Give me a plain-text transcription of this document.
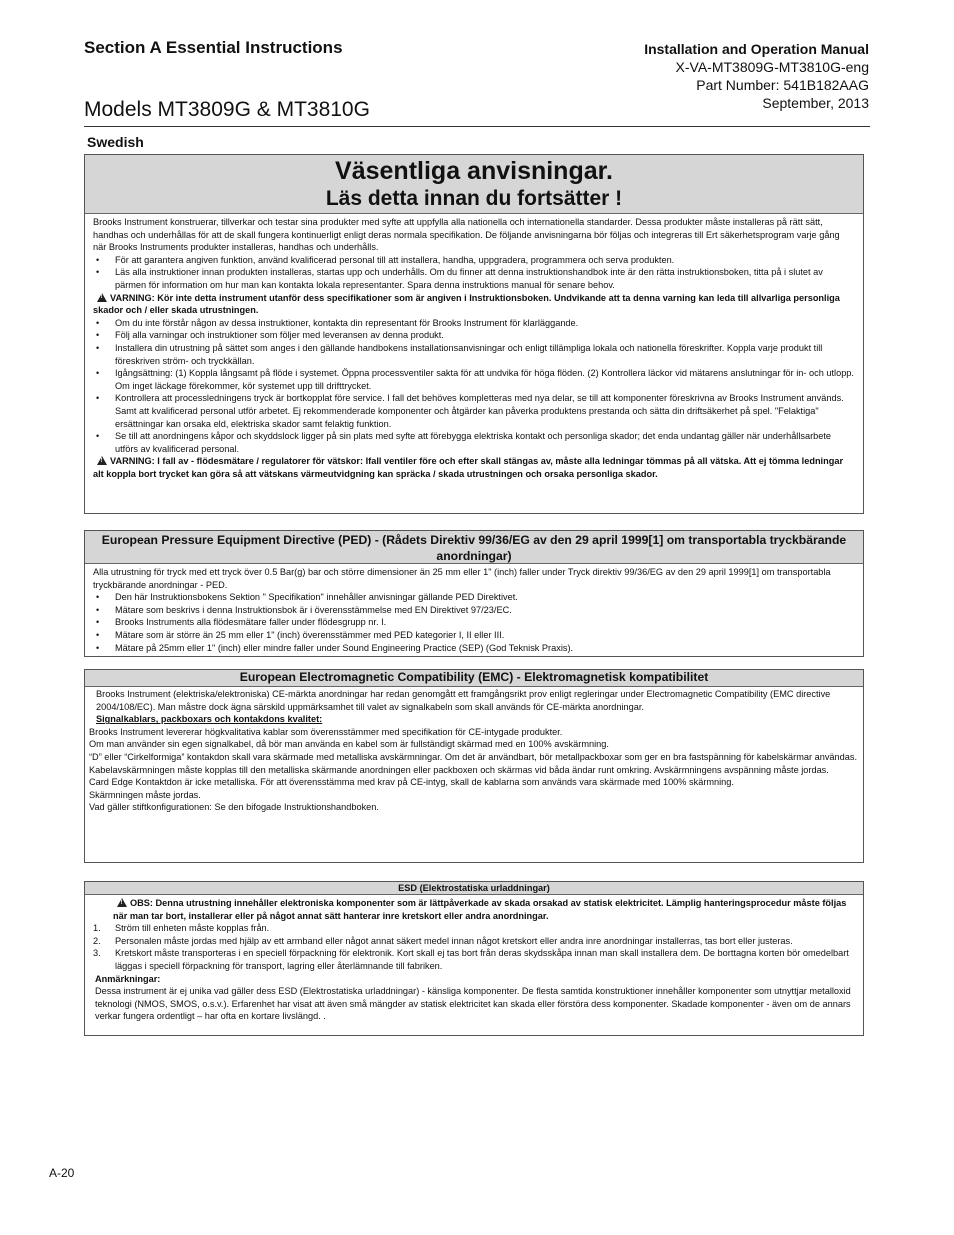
Section A Essential Instructions
Models MT3809G & MT3810G
Installation and Operation Manual
X-VA-MT3809G-MT3810G-eng
Part Number: 541B182AAG
September, 2013
Swedish
Väsentliga anvisningar.
Läs detta innan du fortsätter !

Brooks Instrument konstruerar, tillverkar och testar sina produkter med syfte att uppfylla alla nationella och internationella standarder. Dessa produkter måste installeras på rätt sätt, handhas och underhållas för att de skall fungera kontinuerligt enligt deras normala specifikation. De följande anvisningarna bör följas och integreras till Ert säkerhetsprogram varje gång när Brooks Instruments produkter installeras, handhas och underhålls.

• För att garantera angiven funktion, använd kvalificerad personal till att installera, handha, uppgradera, programmera och serva produkten.
• Läs alla instruktioner innan produkten installeras, startas upp och underhålls. Om du finner att denna instruktionshandbok inte är den rätta instruktionsboken, titta på i slutet av pärmen för information om hur man kan kontakta lokala representanter. Spara denna instruktions manual för senare behov.

!VARNING: Kör inte detta instrument utanför dess specifikationer som är angiven i Instruktionsboken. Undvikande att ta denna varning kan leda till allvarliga personliga skador och / eller skada utrustningen.

• Om du inte förstår någon av dessa instruktioner, kontakta din representant för Brooks Instrument för klarläggande.
• Följ alla varningar och instruktioner som följer med leveransen av denna produkt.
• Installera din utrustning på sättet som anges i den gällande handbokens installationsanvisningar och enligt tillämpliga lokala och nationella föreskrifter. Koppla varje produkt till föreskriven ström- och tryckkällan.
• Igångsättning: (1) Koppla långsamt på flöde i systemet. Öppna processventiler sakta för att undvika för höga flöden. (2) Kontrollera läckor vid mätarens anslutningar för in- och utlopp. Om inget läckage förekommer, kör systemet upp till drifttrycket.
• Kontrollera att processledningens tryck är bortkopplat före service. I fall det behöves kompletteras med nya delar, se till att komponenter föreskrivna av Brooks Instrument används. Samt att kvalificerad personal utför arbetet. Ej rekommenderade komponenter och åtgärder kan påverka produktens prestanda och sätta din driftsäkerhet på spel. "Felaktiga" ersättningar kan orsaka eld, elektriska skador samt felaktig funktion.
• Se till att anordningens kåpor och skyddslock ligger på sin plats med syfte att förebygga elektriska kontakt och personliga skador; det enda undantag gäller när underhållsarbete utförs av kvalificerad personal.

!VARNING: I fall av - flödesmätare / regulatorer för vätskor: Ifall ventiler före och efter skall stängas av, måste alla ledningar tömmas på all vätska. Att ej tömma ledningar alt koppla bort trycket kan göra så att vätskans värmeutvidgning kan spräcka / skada utrustningen och orsaka personliga skador.

European Pressure Equipment Directive (PED) - (Rådets Direktiv 99/36/EG av den 29 april 1999[1] om transportabla tryckbärande anordningar)

Alla utrustning för tryck med ett tryck över 0.5 Bar(g) bar och större dimensioner än 25 mm eller 1" (inch) faller under Tryck direktiv 99/36/EG av den 29 april 1999[1] om transportabla tryckbärande anordningar - PED.

• Den här Instruktionsbokens Sektion " Specifikation" innehåller anvisningar gällande PED Direktivet.
• Mätare som beskrivs i denna Instruktionsbok är i överensstämmelse med EN Direktivet 97/23/EC.
• Brooks Instruments alla flödesmätare faller under flödesgrupp nr. I.
• Mätare som är större än 25 mm eller 1" (inch) överensstämmer med PED kategorier I, II eller III.
• Mätare på 25mm eller 1" (inch) eller mindre faller under Sound Engineering Practice (SEP) (God Teknisk Praxis).
European Electromagnetic Compatibility (EMC) - Elektromagnetisk kompatibilitet

Brooks Instrument (elektriska/elektroniska) CE-märkta anordningar har redan genomgått ett framgångsrikt prov enligt regleringar under Electromagnetic Compatibility (EMC directive 2004/108/EC). Man måstre dock ägna särskild uppmärksamhet till valet av signalkabeln som skall används för CE-märkta anordningar.

Signalkablars, packboxars och kontakdons kvalitet:

Brooks Instrument levererar högkvalitativa kablar som överensstämmer med specifikation för CE-intygade produkter.

Om man använder sin egen signalkabel, då bör man använda en kabel som är fullständigt skärmad med en 100% avskärmning.

“D” eller “Cirkelformiga” kontakdon skall vara skärmade med metalliska avskärmningar. Om det är användbart, bör metallpackboxar som ger en bra fastspänning för kabelskärmar användas.

Kabelavskärmningen måste kopplas till den metalliska skärmande anordningen eller packboxen och skärmas vid båda ändar runt omkring. Avskärmningens avspänning måste jordas.

Card Edge Kontaktdon är icke metalliska. För att överensstämma med krav på CE-intyg, skall de kablarna som används vara skärmade med 100% skärmning.

Skärmningen måste jordas.

Vad gäller stiftkonfigurationen: Se den bifogade Instruktionshandboken.

ESD (Elektrostatiska urladdningar)

!OBS: Denna utrustning innehåller elektroniska komponenter som är lättpåverkade av skada orsakad av statisk elektricitet. Lämplig hanteringsprocedur måste följas när man tar bort, installerar eller på något annat sätt hanterar inre kretskort eller andra anordningar.

1. Ström till enheten måste kopplas från.
2. Personalen måste jordas med hjälp av ett armband eller något annat säkert medel innan något kretskort eller andra inre anordningar installerras, tas bort eller justeras.
3. Kretskort måste transporteras i en speciell förpackning för elektronik. Kort skall ej tas bort från deras skydsskåpa innan man skall installera dem. De borttagna korten bör omedelbart läggas i speciell förpackning för transport, lagring eller återlämnande till fabriken.

Anmärkningar:

Dessa instrument är ej unika vad gäller dess ESD (Elektrostatiska urladdningar) - känsliga komponenter. De flesta samtida konstruktioner innehåller komponenter som utnyttjar metalloxid teknologi (NMOS, SMOS, o.s.v.). Erfarenhet har visat att även små mängder av statisk elektricitet kan skada eller förstöra dess komponenter. Skadade komponenter - även om de annars verkar fungera ordentligt – har ofta en kortare livslängd. .

A-20
